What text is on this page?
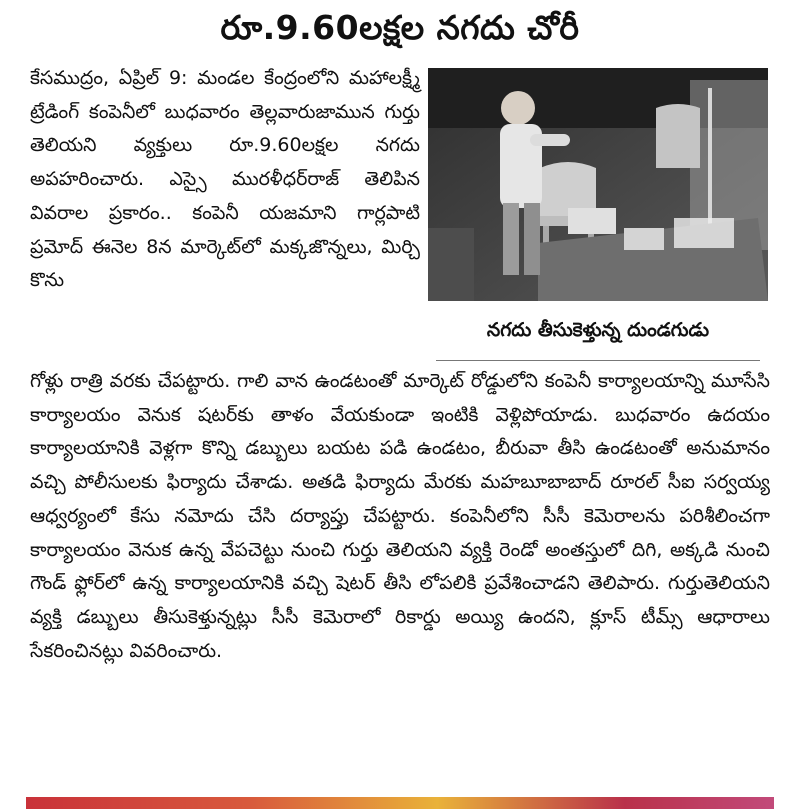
రూ.9.60లక్షల నగదు చోరీ

కేసముద్రం, ఏప్రిల్ 9: మండల కేంద్రంలోని మహాలక్ష్మీ ట్రేడింగ్ కంపెనీలో బుధవారం తెల్లవారుజామున గుర్తు తెలియని వ్యక్తులు రూ.9.60లక్షల నగదు అపహరించారు. ఎస్సై మురళీధర్‌రాజ్ తెలిపిన వివరాల ప్రకారం.. కంపెనీ యజమాని గార్లపాటి ప్రమోద్ ఈనెల 8న మార్కెట్‌లో మక్కజొన్నలు, మిర్చి కొను

నగదు తీసుకెళ్తున్న దుండగుడు

గోళ్లు రాత్రి వరకు చేపట్టారు. గాలి వాన ఉండటంతో మార్కెట్ రోడ్డులోని కంపెనీ కార్యాలయాన్ని మూసేసి కార్యాలయం వెనుక షటర్‌కు తాళం వేయకుండా ఇంటికి వెళ్లిపోయాడు. బుధవారం ఉదయం కార్యాలయానికి వెళ్లగా కొన్ని డబ్బులు బయట పడి ఉండటం, బీరువా తీసి ఉండటంతో అనుమానం వచ్చి పోలీసులకు ఫిర్యాదు చేశాడు. అతడి ఫిర్యాదు మేరకు మహబూబాబాద్ రూరల్ సీఐ సర్వయ్య ఆధ్వర్యంలో కేసు నమోదు చేసి దర్యాప్తు చేపట్టారు. కంపెనీలోని సీసీ కెమెరాలను పరిశీలించగా కార్యాలయం వెనుక ఉన్న వేపచెట్టు నుంచి గుర్తు తెలియని వ్యక్తి రెండో అంతస్తులో దిగి, అక్కడి నుంచి గౌండ్ ఫ్లోర్‌లో ఉన్న కార్యాలయానికి వచ్చి షెటర్ తీసి లోపలికి ప్రవేశించాడని తెలిపారు. గుర్తుతెలియని వ్యక్తి డబ్బులు తీసుకెళ్తున్నట్లు సీసీ కెమెరాలో రికార్డు అయ్యి ఉందని, క్లూస్ టీమ్స్ ఆధారాలు సేకరించినట్లు వివరించారు.
